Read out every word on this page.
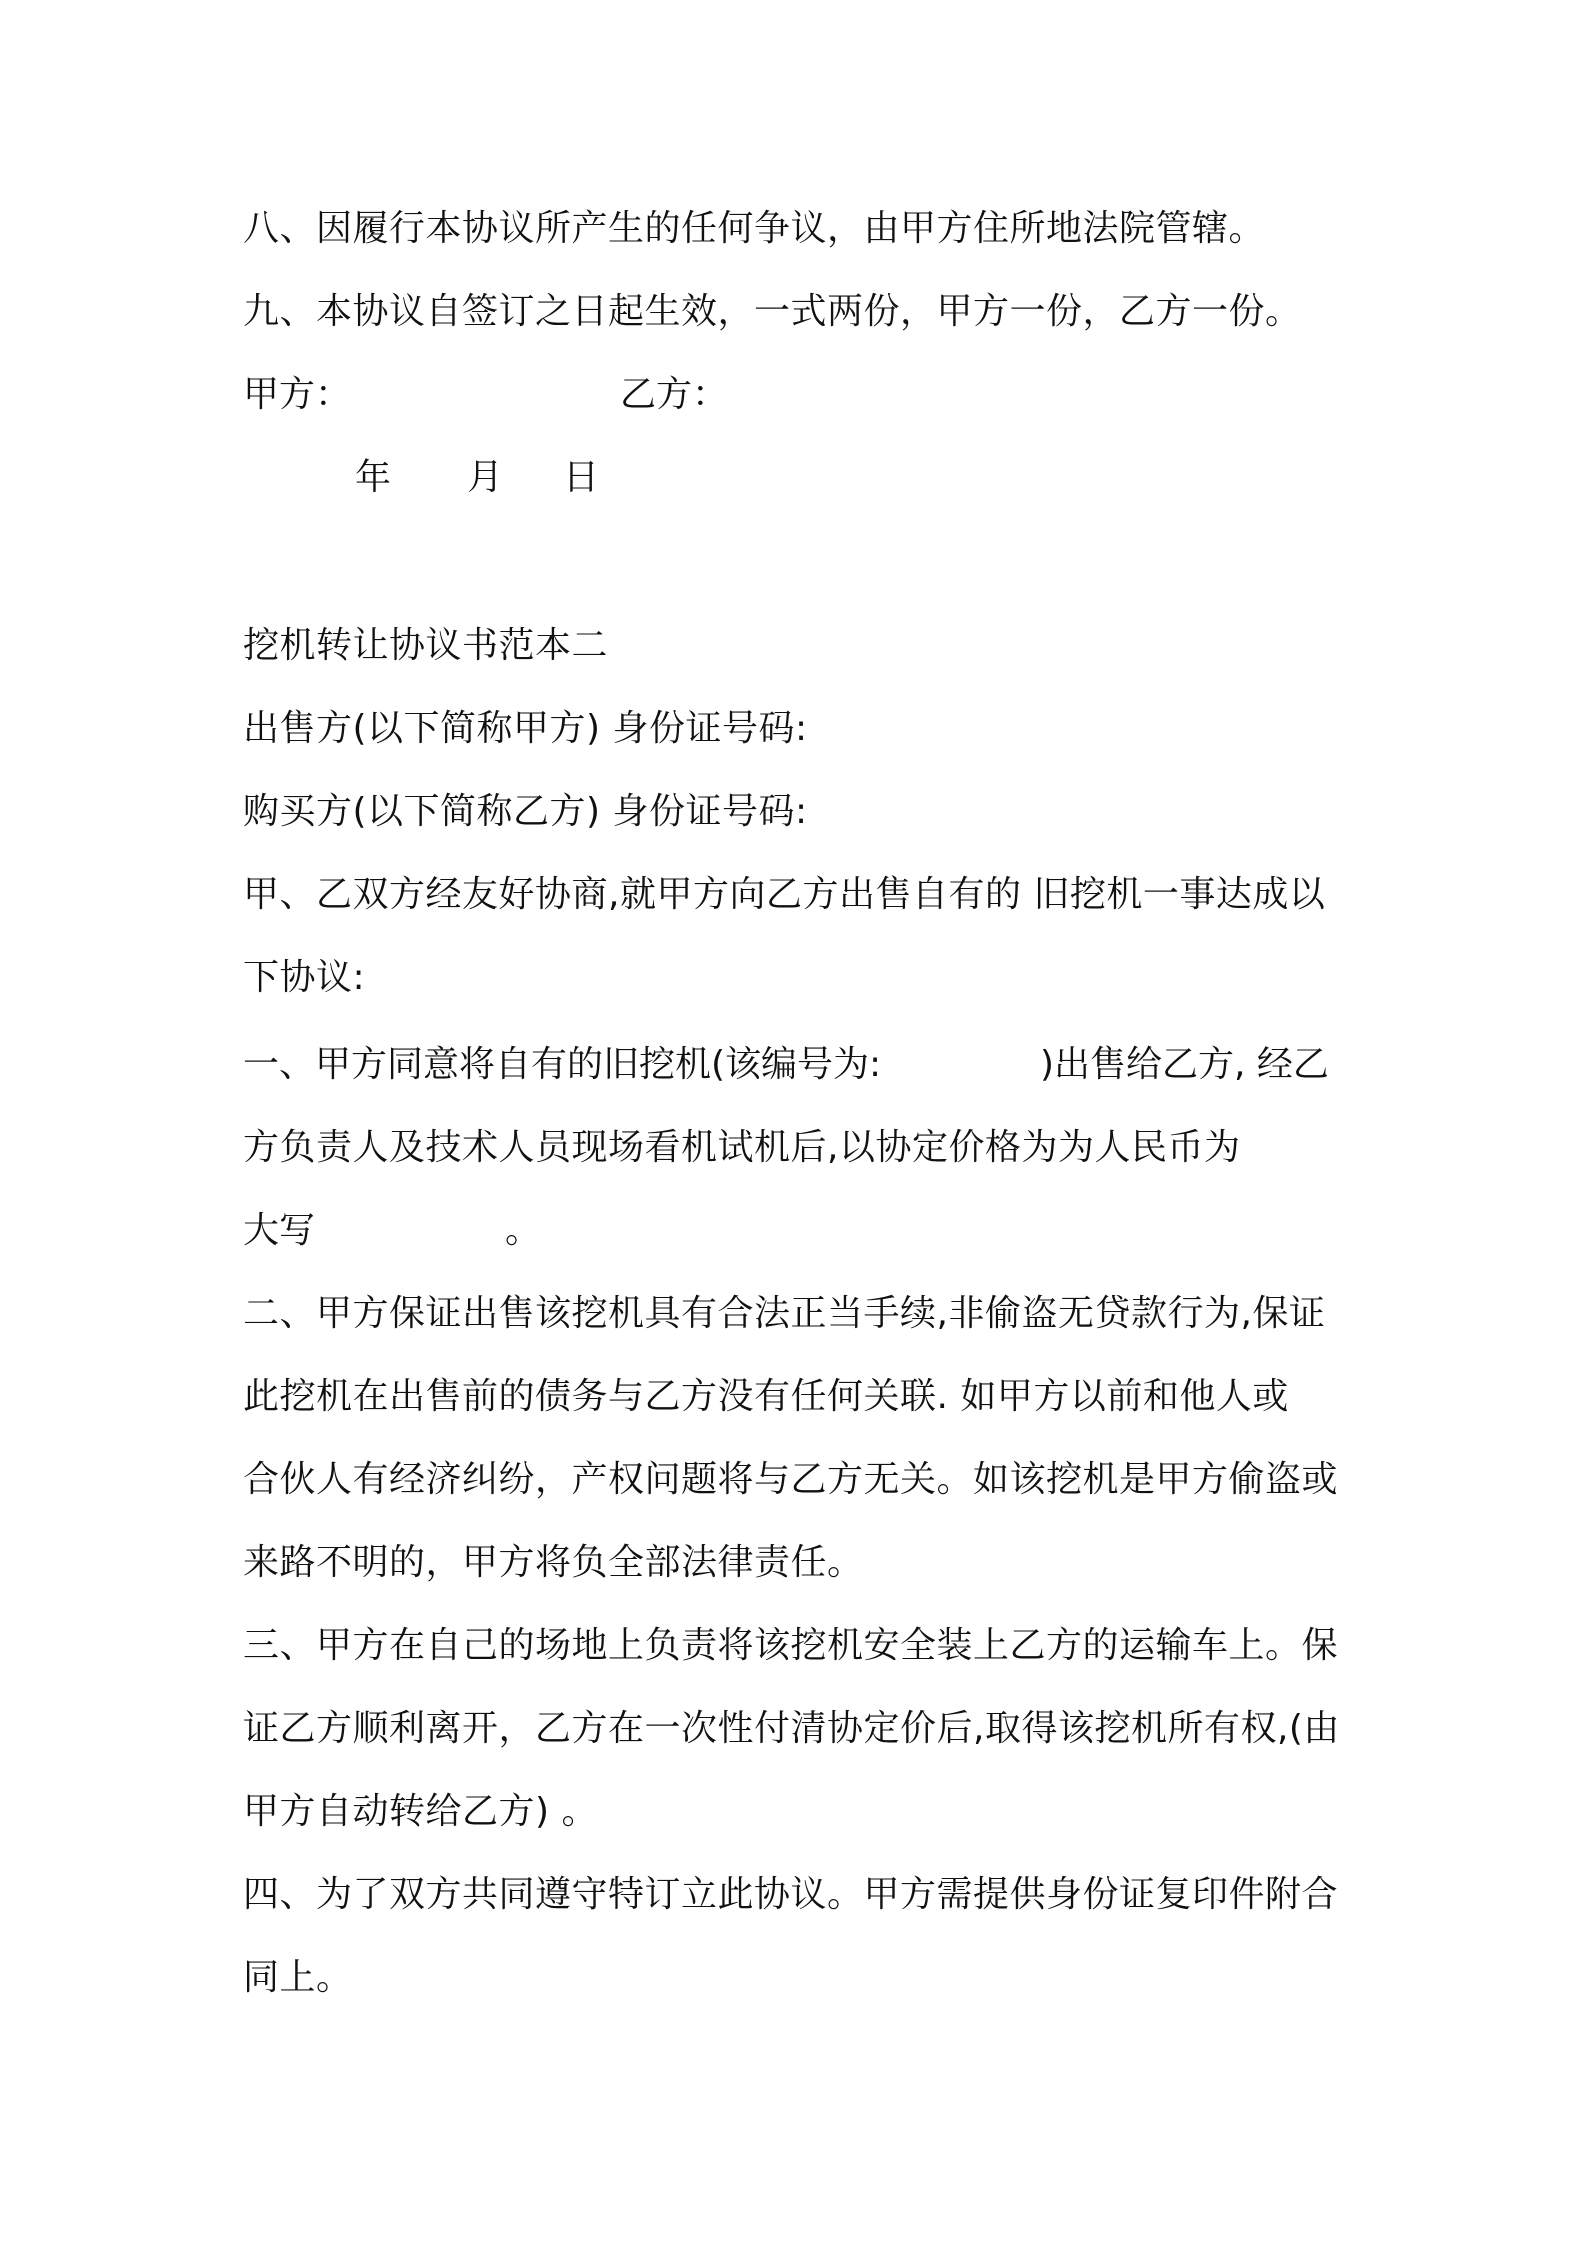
八、因履行本协议所产生的任何争议，由甲方住所地法院管辖。
九、本协议自签订之日起生效，一式两份，甲方一份，乙方一份。
甲方：	乙方：
年 月 日
挖机转让协议书范本二
出售方(以下简称甲方) 身份证号码:
购买方(以下简称乙方) 身份证号码:
甲、乙双方经友好协商,就甲方向乙方出售自有的 旧挖机一事达成以
下协议:
一、甲方同意将自有的旧挖机(该编号为:	)出售给乙方, 经乙
方负责人及技术人员现场看机试机后,以协定价格为为人民币为
大写	。
二、甲方保证出售该挖机具有合法正当手续,非偷盗无贷款行为,保证
此挖机在出售前的债务与乙方没有任何关联. 如甲方以前和他人或
合伙人有经济纠纷，产权问题将与乙方无关。如该挖机是甲方偷盗或
来路不明的，甲方将负全部法律责任。
三、甲方在自己的场地上负责将该挖机安全装上乙方的运输车上。保
证乙方顺利离开，乙方在一次性付清协定价后,取得该挖机所有权,(由
甲方自动转给乙方) 。
四、为了双方共同遵守特订立此协议。甲方需提供身份证复印件附合
同上。
